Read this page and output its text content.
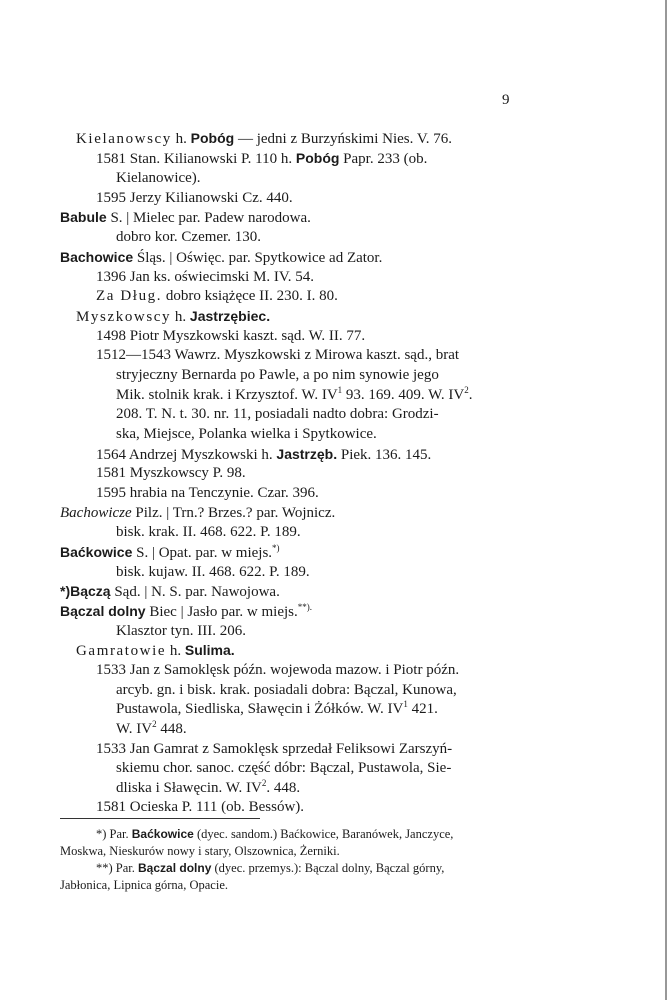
9
Kielanowscy h. Pobóg — jedni z Burzyńskimi Nies. V. 76.
1581 Stan. Kilianowski P. 110 h. Pobóg Papr. 233 (ob.
Kielanowice).
1595 Jerzy Kilianowski Cz. 440.
Babule S. | Mielec par. Padew narodowa.
dobro kor. Czemer. 130.
Bachowice Śląs. | Oświęc. par. Spytkowice ad Zator.
1396 Jan ks. oświecimski M. IV. 54.
Za Dług. dobro książęce II. 230. I. 80.
Myszkowscy h. Jastrzębiec.
1498 Piotr Myszkowski kaszt. sąd. W. II. 77.
1512—1543 Wawrz. Myszkowski z Mirowa kaszt. sąd., brat
stryjeczny Bernarda po Pawle, a po nim synowie jego
Mik. stolnik krak. i Krzysztof. W. $IV^1$ 93. 169. 409. W. $IV^2$.
208. T. N. t. 30. nr. 11, posiadali nadto dobra: Grodzi-
ska, Miejsce, Polanka wielka i Spytkowice.
1564 Andrzej Myszkowski h. Jastrzęb. Piek. 136. 145.
1581 Myszkowscy P. 98.
1595 hrabia na Tenczynie. Czar. 396.
Bachowicze Pilz. | Trn.? Brzes.? par. Wojnicz.
bisk. krak. II. 468. 622. P. 189.
Baćkowice S. | Opat. par. w miejs.*)
bisk. kujaw. II. 468. 622. P. 189.
*)Bączą Sąd. | N. S. par. Nawojowa.
Bączal dolny Biec | Jasło par. w miejs.**).
Klasztor tyn. III. 206.
Gamratowie h. Sulima.
1533 Jan z Samoklęsk późn. wojewoda mazow. i Piotr późn.
arcyb. gn. i bisk. krak. posiadali dobra: Bączal, Kunowa,
Pustawola, Siedliska, Sławęcin i Żółków. W. $IV^1$ 421.
W. $IV^2$ 448.
1533 Jan Gamrat z Samoklęsk sprzedał Feliksowi Zarszyń-
skiemu chor. sanoc. część dóbr: Bączal, Pustawola, Sie-
dliska i Sławęcin. W. $IV^2$. 448.
1581 Ocieska P. 111 (ob. Bessów).
*) Par. Baćkowice (dyec. sandom.) Baćkowice, Baranówek, Janczyce,
Moskwa, Nieskurów nowy i stary, Olszownica, Żerniki.
**) Par. Bączal dolny (dyec. przemys.): Bączal dolny, Bączal górny,
Jabłonica, Lipnica górna, Opacie.
